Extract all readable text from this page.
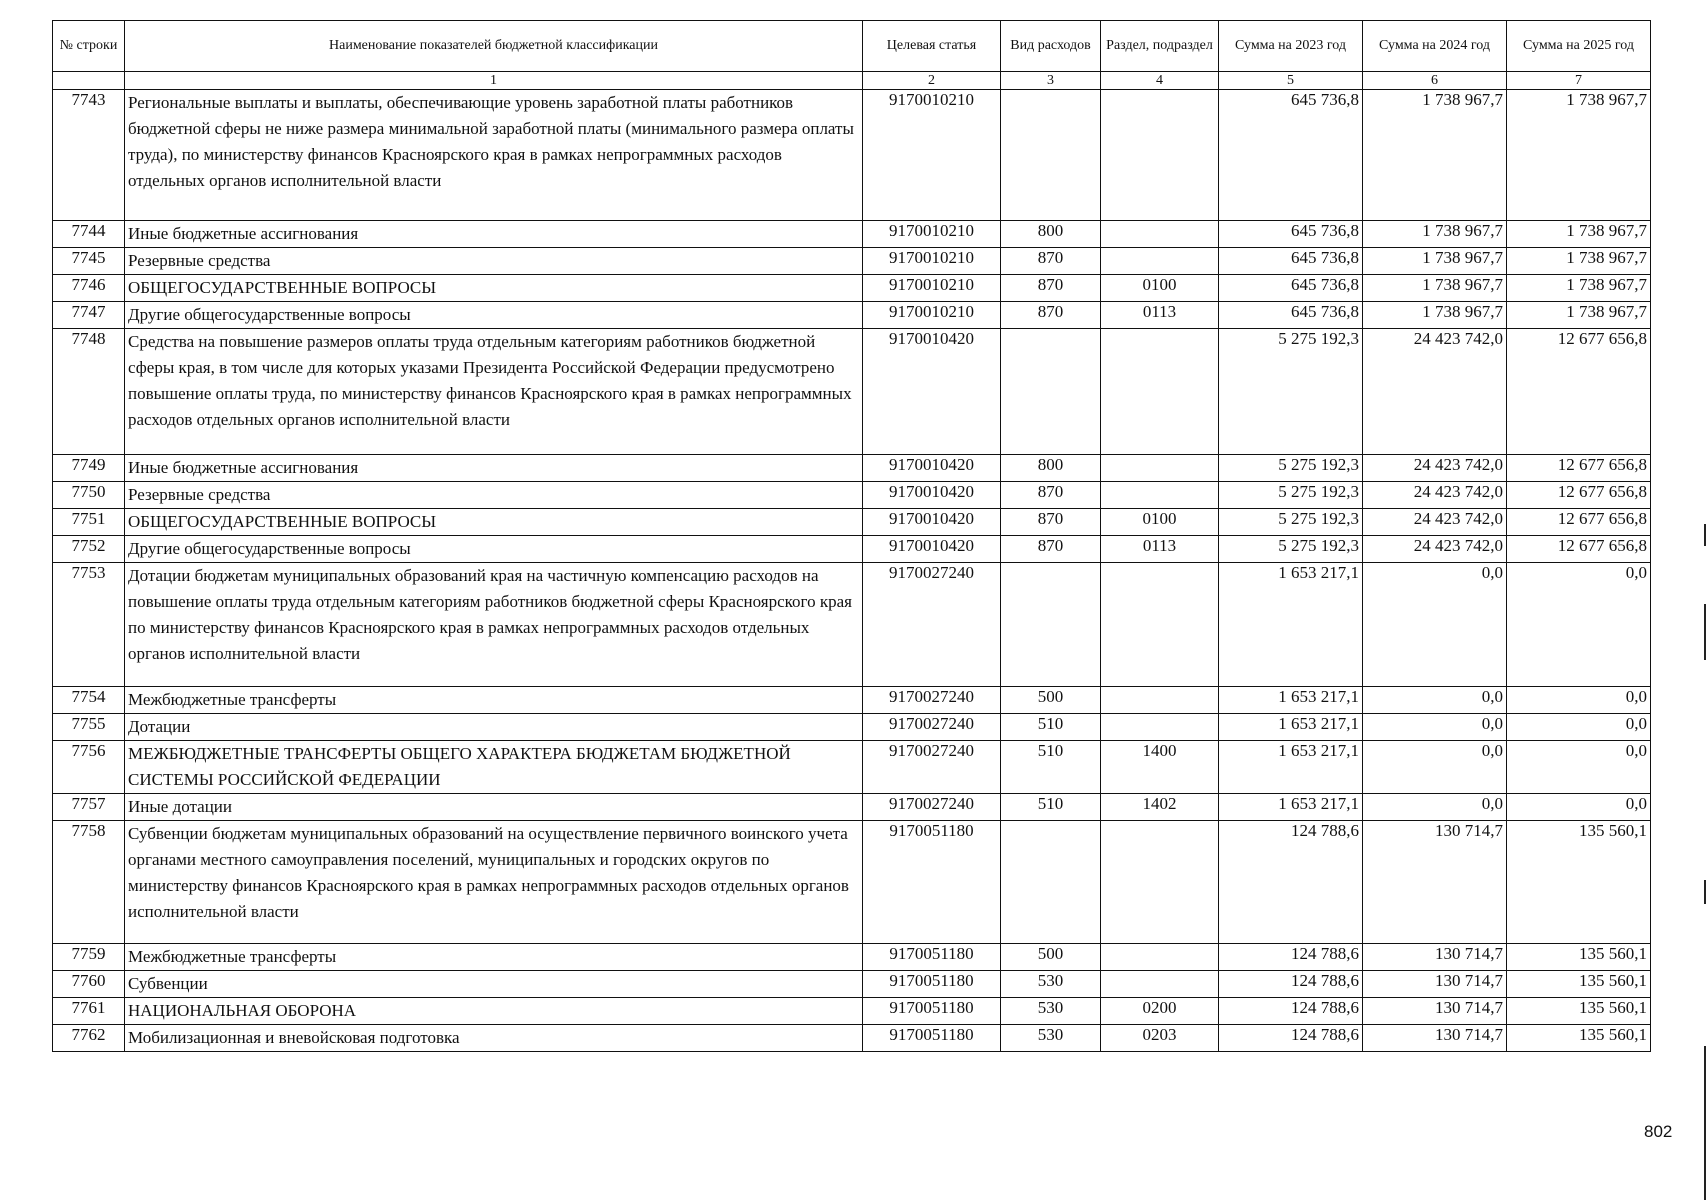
№ строки	Наименование показателей бюджетной классификации	Целевая статья	Вид расходов	Раздел, подраздел	Сумма на 2023 год	Сумма на 2024 год	Сумма на 2025 год
	1	2	3	4	5	6	7
7743	Региональные выплаты и выплаты, обеспечивающие уровень заработной платы работников бюджетной сферы не ниже размера минимальной заработной платы (минимального размера оплаты труда), по министерству финансов Красноярского края в рамках непрограммных расходов отдельных органов исполнительной власти	9170010210			645 736,8	1 738 967,7	1 738 967,7
7744	Иные бюджетные ассигнования	9170010210	800		645 736,8	1 738 967,7	1 738 967,7
7745	Резервные средства	9170010210	870		645 736,8	1 738 967,7	1 738 967,7
7746	ОБЩЕГОСУДАРСТВЕННЫЕ ВОПРОСЫ	9170010210	870	0100	645 736,8	1 738 967,7	1 738 967,7
7747	Другие общегосударственные вопросы	9170010210	870	0113	645 736,8	1 738 967,7	1 738 967,7
7748	Средства на повышение размеров оплаты труда отдельным категориям работников бюджетной сферы края, в том числе для которых указами Президента Российской Федерации предусмотрено повышение оплаты труда, по министерству финансов Красноярского края в рамках непрограммных расходов отдельных органов исполнительной власти	9170010420			5 275 192,3	24 423 742,0	12 677 656,8
7749	Иные бюджетные ассигнования	9170010420	800		5 275 192,3	24 423 742,0	12 677 656,8
7750	Резервные средства	9170010420	870		5 275 192,3	24 423 742,0	12 677 656,8
7751	ОБЩЕГОСУДАРСТВЕННЫЕ ВОПРОСЫ	9170010420	870	0100	5 275 192,3	24 423 742,0	12 677 656,8
7752	Другие общегосударственные вопросы	9170010420	870	0113	5 275 192,3	24 423 742,0	12 677 656,8
7753	Дотации бюджетам муниципальных образований края на частичную компенсацию расходов на повышение оплаты труда отдельным категориям работников бюджетной сферы Красноярского края по министерству финансов Красноярского края в рамках непрограммных расходов отдельных органов исполнительной власти	9170027240			1 653 217,1	0,0	0,0
7754	Межбюджетные трансферты	9170027240	500		1 653 217,1	0,0	0,0
7755	Дотации	9170027240	510		1 653 217,1	0,0	0,0
7756	МЕЖБЮДЖЕТНЫЕ ТРАНСФЕРТЫ ОБЩЕГО ХАРАКТЕРА БЮДЖЕТАМ БЮДЖЕТНОЙ СИСТЕМЫ РОССИЙСКОЙ ФЕДЕРАЦИИ	9170027240	510	1400	1 653 217,1	0,0	0,0
7757	Иные дотации	9170027240	510	1402	1 653 217,1	0,0	0,0
7758	Субвенции бюджетам муниципальных образований на осуществление первичного воинского учета органами местного самоуправления поселений, муниципальных и городских округов по министерству финансов Красноярского края в рамках непрограммных расходов отдельных органов исполнительной власти	9170051180			124 788,6	130 714,7	135 560,1
7759	Межбюджетные трансферты	9170051180	500		124 788,6	130 714,7	135 560,1
7760	Субвенции	9170051180	530		124 788,6	130 714,7	135 560,1
7761	НАЦИОНАЛЬНАЯ ОБОРОНА	9170051180	530	0200	124 788,6	130 714,7	135 560,1
7762	Мобилизационная и вневойсковая подготовка	9170051180	530	0203	124 788,6	130 714,7	135 560,1
802
